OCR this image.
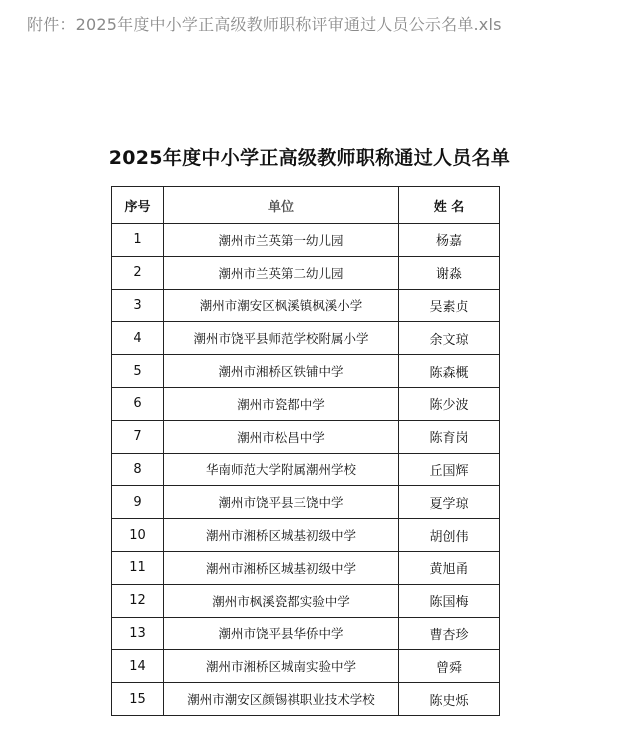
附件：2025年度中小学正高级教师职称评审通过人员公示名单.xls
2025年度中小学正高级教师职称通过人员名单
序号	单位	姓 名
1	潮州市兰英第一幼儿园	杨嘉
2	潮州市兰英第二幼儿园	谢淼
3	潮州市潮安区枫溪镇枫溪小学	吴素贞
4	潮州市饶平县师范学校附属小学	余文琼
5	潮州市湘桥区铁铺中学	陈森概
6	潮州市瓷都中学	陈少波
7	潮州市松昌中学	陈育岗
8	华南师范大学附属潮州学校	丘国辉
9	潮州市饶平县三饶中学	夏学琼
10	潮州市湘桥区城基初级中学	胡创伟
11	潮州市湘桥区城基初级中学	黄旭甬
12	潮州市枫溪瓷都实验中学	陈国梅
13	潮州市饶平县华侨中学	曹杏珍
14	潮州市湘桥区城南实验中学	曾舜
15	潮州市潮安区颜锡祺职业技术学校	陈史烁
